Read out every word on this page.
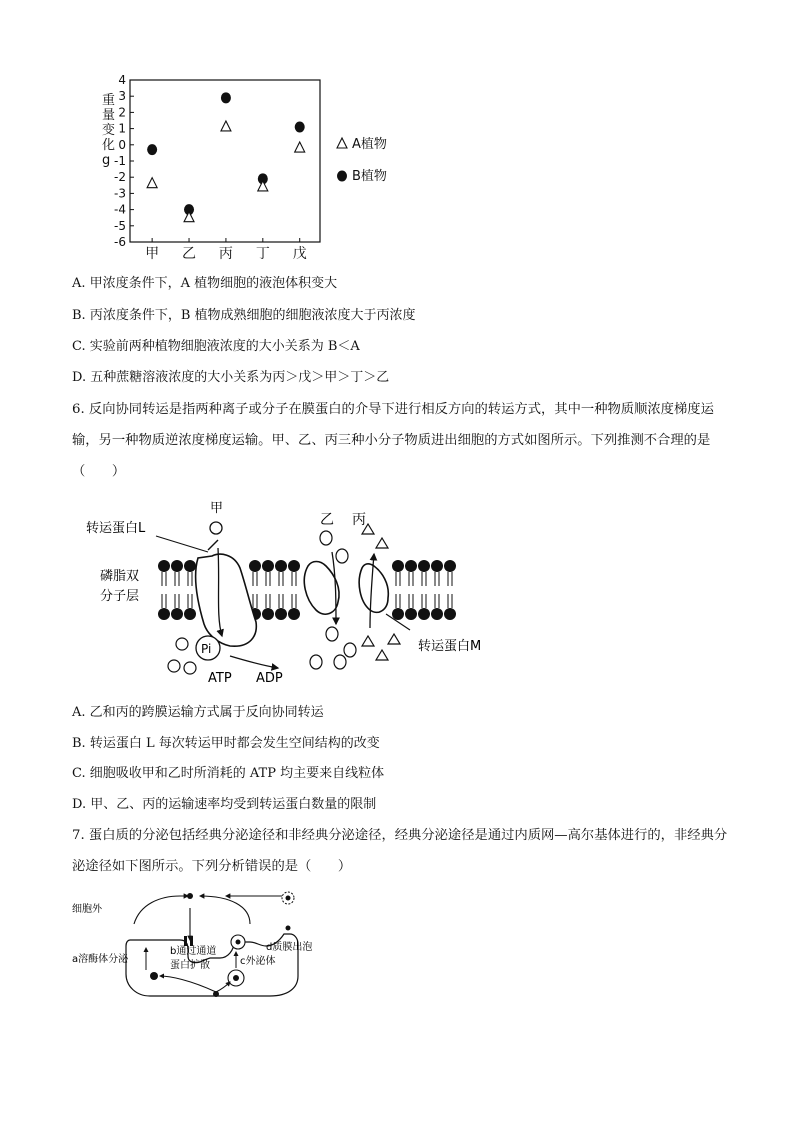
4
3
2
1
0
-1
-2
-3
-4
-5
-6
甲 乙 丙 丁 戊
A植物
B植物
重量变化 g
A. 甲浓度条件下，A 植物细胞的液泡体积变大
B. 丙浓度条件下，B 植物成熟细胞的细胞液浓度大于丙浓度
C. 实验前两种植物细胞液浓度的大小关系为 B＜A
D. 五种蔗糖溶液浓度的大小关系为丙＞戊＞甲＞丁＞乙
6. 反向协同转运是指两种离子或分子在膜蛋白的介导下进行相反方向的转运方式，其中一种物质顺浓度梯度运输，另一种物质逆浓度梯度运输。甲、乙、丙三种小分子物质进出细胞的方式如图所示。下列推测不合理的是（　　）
甲
乙 丙
转运蛋白L
磷脂双
分子层
Pi
ATP ADP
转运蛋白M
A. 乙和丙的跨膜运输方式属于反向协同转运
B. 转运蛋白 L 每次转运甲时都会发生空间结构的改变
C. 细胞吸收甲和乙时所消耗的 ATP 均主要来自线粒体
D. 甲、乙、丙的运输速率均受到转运蛋白数量的限制
7. 蛋白质的分泌包括经典分泌途径和非经典分泌途径，经典分泌途径是通过内质网—高尔基体进行的，非经典分泌途径如下图所示。下列分析错误的是（　　）
细胞外
a溶酶体分泌
b通过通道
蛋白扩散	c外泌体
d质膜出泡
